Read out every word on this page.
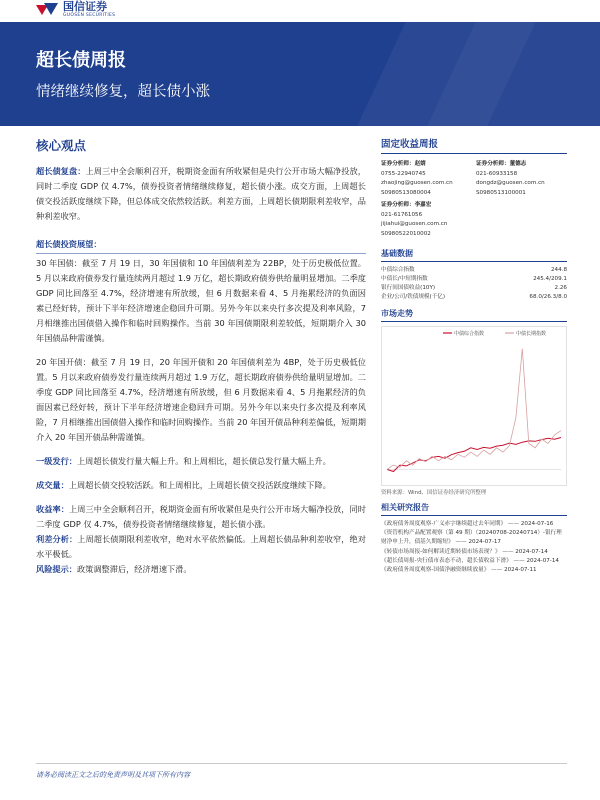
国信证券
GUOSEN SECURITIES
超长债周报
情绪继续修复，超长债小涨
核心观点
超长债复盘：上周三中全会顺利召开，税期资金面有所收紧但是央行公开市场大幅净投放，同时二季度 GDP 仅 4.7%，债券投资者情绪继续修复，超长债小涨。成交方面，上周超长债交投活跃度继续下降，但总体成交依然较活跃。利差方面，上周超长债期限利差收窄，品种利差收窄。
超长债投资展望：
30 年国债：截至 7 月 19 日，30 年国债和 10 年国债利差为 22BP，处于历史极低位置。5 月以来政府债券发行量连续两月超过 1.9 万亿，超长期政府债券供给量明显增加。二季度 GDP 同比回落至 4.7%，经济增速有所放缓，但 6 月数据来看 4、5 月拖累经济的负面因素已经好转，预计下半年经济增速企稳回升可期。另外今年以来央行多次提及利率风险，7 月相继推出国债借入操作和临时回购操作。当前 30 年国债期限利差较低，短期期介入 30 年国债品种需谨慎。
20 年国开债：截至 7 月 19 日，20 年国开债和 20 年国债利差为 4BP，处于历史极低位置。5 月以来政府债券发行量连续两月超过 1.9 万亿，超长期政府债券供给量明显增加。二季度 GDP 同比回落至 4.7%，经济增速有所放缓，但 6 月数据来看 4、5 月拖累经济的负面因素已经好转，预计下半年经济增速企稳回升可期。另外今年以来央行多次提及利率风险，7 月相继推出国债借入操作和临时回购操作。当前 20 年国开债品种利差偏低，短期期介入 20 年国开债品种需谨慎。
一级发行：上周超长债发行量大幅上升。和上周相比，超长债总发行量大幅上升。
成交量：上周超长债交投较活跃。和上周相比，上周超长债交投活跃度继续下降。
收益率：上周三中全会顺利召开，税期资金面有所收紧但是央行公开市场大幅净投放，同时二季度 GDP 仅 4.7%，债券投资者情绪继续修复，超长债小涨。
利差分析：上周超长债期限利差收窄，绝对水平依然偏低。上周超长债品种利差收窄，绝对水平极低。
风险提示：政策调整滞后，经济增速下滑。
固定收益周报
证券分析师：赵婧
0755-22940745
zhaojing@guosen.com.cn
S0980513080004
证券分析师：董德志
021-60933158
dongdz@guosen.com.cn
S0980513100001
证券分析师：李嘉宏
021-61761056
jijiahui@guosen.com.cn
S0980522010002
基础数据
中债综合指数	244.8
中债长/中短期指数	245.4/209.1
银行间国债收益(10Y)	2.26
企业/公司/铁债规模(千亿)	68.0/26.3/8.0
市场走势
中债综合指数	中债长期指数
资料来源：Wind、国信证券经济研究所整理
相关研究报告
《政府债务周度观察-广义赤字继续超过去年同期》 —— 2024-07-16
《资管机构产品配置观察（第 49 期）（20240708-20240714）-银行理财净申上升，债基久期缩短》 —— 2024-07-17
《转债市场周报-如何解读近期转债市场表现？》 —— 2024-07-14
《超长债周报-央行债市表态不动，超长债收益下滑》 —— 2024-07-14
《政府债务周度观察-国债净融资继续放量》 —— 2024-07-11
请务必阅读正文之后的免责声明及其项下所有内容
